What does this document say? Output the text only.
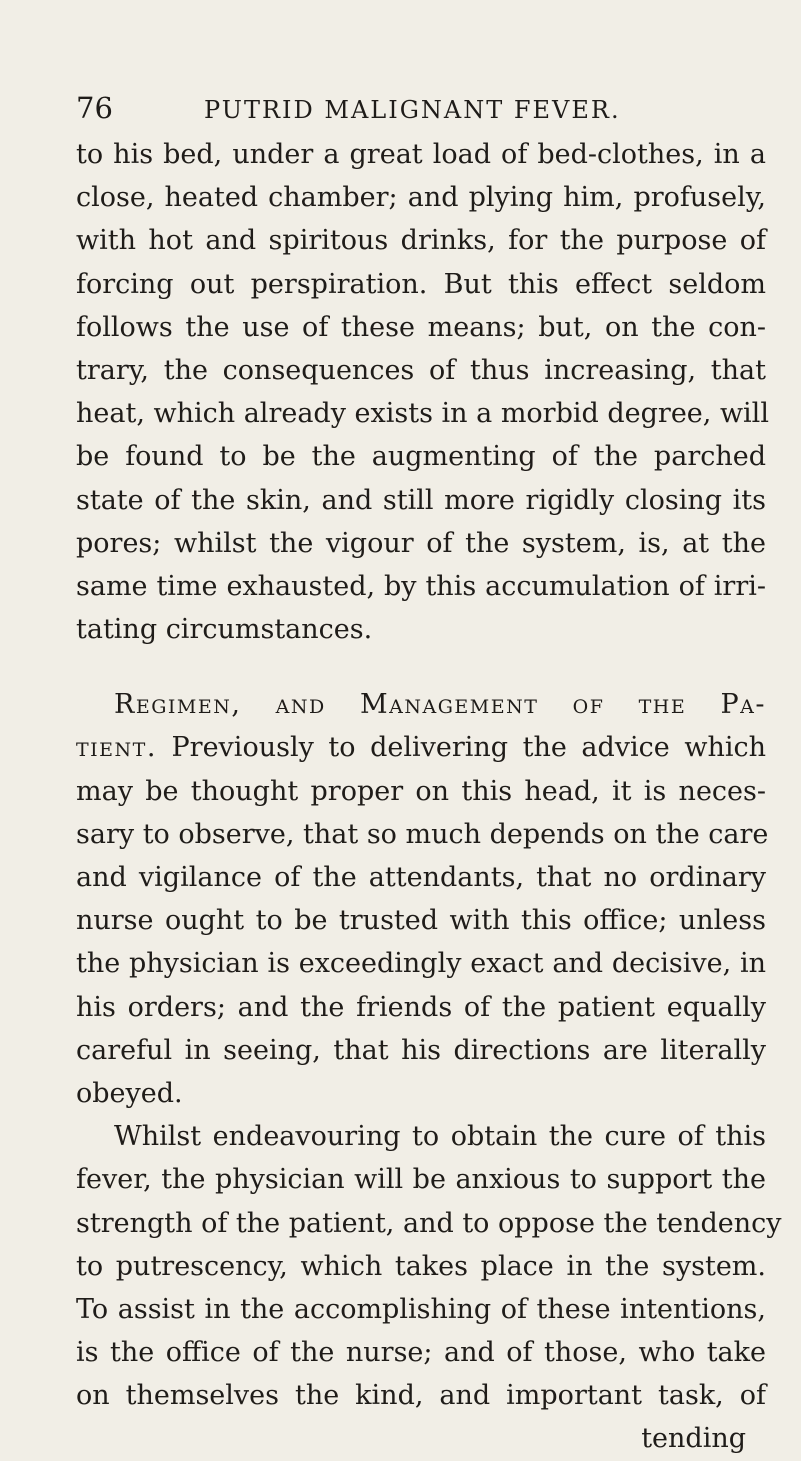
76	PUTRID MALIGNANT FEVER.
to his bed, under a great load of bed-clothes, in a
close, heated chamber; and plying him, profusely,
with hot and spiritous drinks, for the purpose of
forcing out perspiration. But this effect seldom
follows the use of these means; but, on the con-
trary, the consequences of thus increasing, that
heat, which already exists in a morbid degree, will
be found to be the augmenting of the parched
state of the skin, and still more rigidly closing its
pores; whilst the vigour of the system, is, at the
same time exhausted, by this accumulation of irri-
tating circumstances.
Regimen, and Management of the Pa-
tient. Previously to delivering the advice which
may be thought proper on this head, it is neces-
sary to observe, that so much depends on the care
and vigilance of the attendants, that no ordinary
nurse ought to be trusted with this office; unless
the physician is exceedingly exact and decisive, in
his orders; and the friends of the patient equally
careful in seeing, that his directions are literally
obeyed.
Whilst endeavouring to obtain the cure of this
fever, the physician will be anxious to support the
strength of the patient, and to oppose the tendency
to putrescency, which takes place in the system.
To assist in the accomplishing of these intentions,
is the office of the nurse; and of those, who take
on themselves the kind, and important task, of
tending
